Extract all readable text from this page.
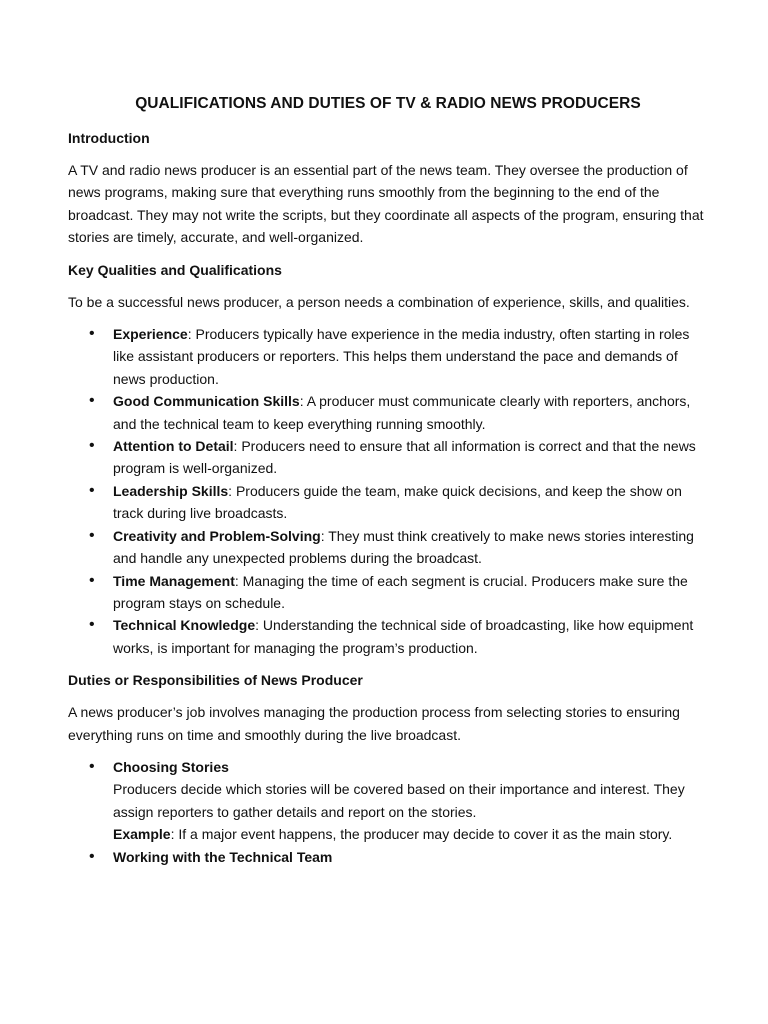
QUALIFICATIONS AND DUTIES OF TV & RADIO NEWS PRODUCERS
Introduction
A TV and radio news producer is an essential part of the news team. They oversee the production of news programs, making sure that everything runs smoothly from the beginning to the end of the broadcast. They may not write the scripts, but they coordinate all aspects of the program, ensuring that stories are timely, accurate, and well-organized.
Key Qualities and Qualifications
To be a successful news producer, a person needs a combination of experience, skills, and qualities.
• Experience: Producers typically have experience in the media industry, often starting in roles like assistant producers or reporters. This helps them understand the pace and demands of news production.
• Good Communication Skills: A producer must communicate clearly with reporters, anchors, and the technical team to keep everything running smoothly.
• Attention to Detail: Producers need to ensure that all information is correct and that the news program is well-organized.
• Leadership Skills: Producers guide the team, make quick decisions, and keep the show on track during live broadcasts.
• Creativity and Problem-Solving: They must think creatively to make news stories interesting and handle any unexpected problems during the broadcast.
• Time Management: Managing the time of each segment is crucial. Producers make sure the program stays on schedule.
• Technical Knowledge: Understanding the technical side of broadcasting, like how equipment works, is important for managing the program’s production.
Duties or Responsibilities of News Producer
A news producer’s job involves managing the production process from selecting stories to ensuring everything runs on time and smoothly during the live broadcast.
• Choosing Stories
Producers decide which stories will be covered based on their importance and interest. They assign reporters to gather details and report on the stories.
Example: If a major event happens, the producer may decide to cover it as the main story.
• Working with the Technical Team
